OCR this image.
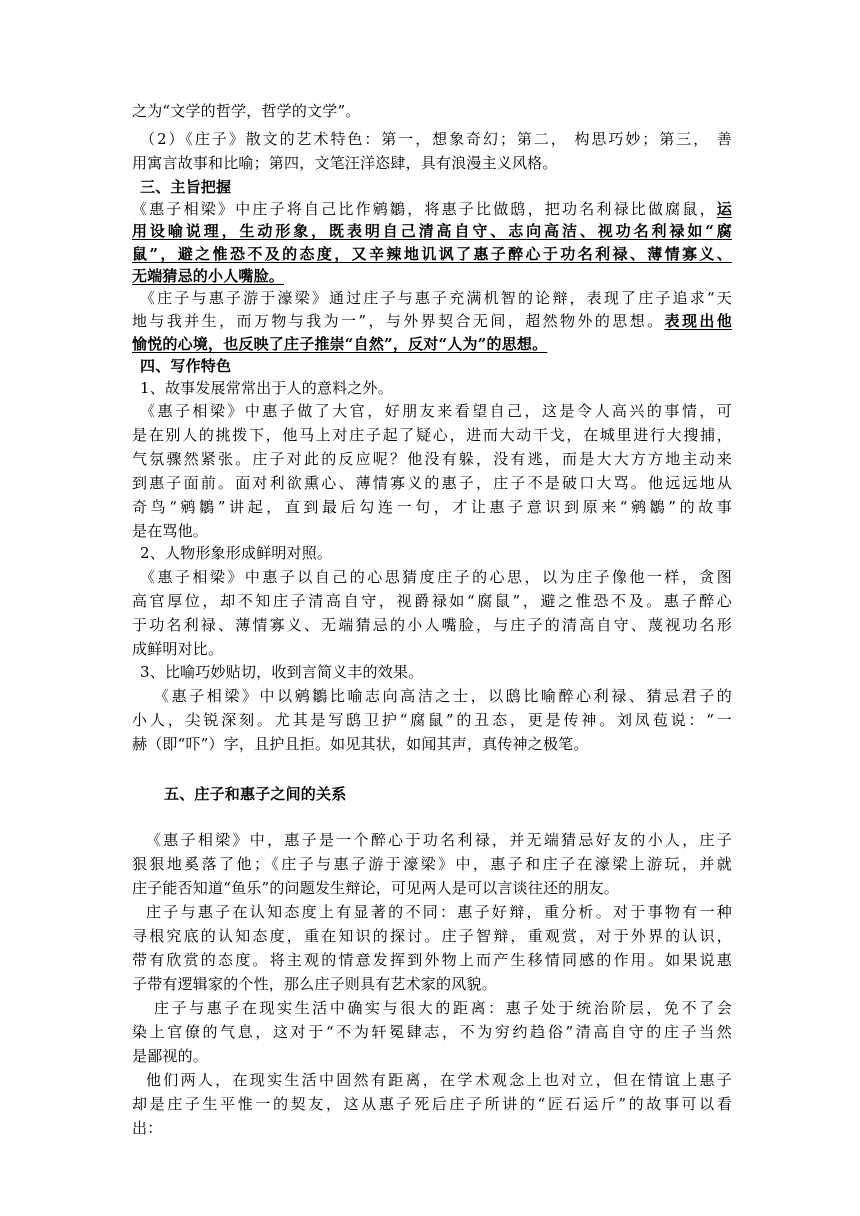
之为“文学的哲学，哲学的文学”。
（2）《庄子》散文的艺术特色：第一，想象奇幻；第二， 构思巧妙；第三， 善
用寓言故事和比喻；第四，文笔汪洋恣肆，具有浪漫主义风格。
三、主旨把握
《惠子相梁》中庄子将自己比作鹓鶵，将惠子比做鸱，把功名利禄比做腐鼠，运
用设喻说理，生动形象，既表明自己清高自守、志向高洁、视功名利禄如“腐
鼠”，避之惟恐不及的态度，又辛辣地讥讽了惠子醉心于功名利禄、薄情寡义、
无端猜忌的小人嘴脸。
《庄子与惠子游于濠梁》通过庄子与惠子充满机智的论辩，表现了庄子追求“天
地与我并生，而万物与我为一”，与外界契合无间，超然物外的思想。表现出他
愉悦的心境，也反映了庄子推崇“自然”，反对“人为”的思想。
四、写作特色
1、故事发展常常出于人的意料之外。
《惠子相梁》中惠子做了大官，好朋友来看望自己，这是令人高兴的事情，可
是在别人的挑拨下，他马上对庄子起了疑心，进而大动干戈，在城里进行大搜捕，
气氛骤然紧张。庄子对此的反应呢？他没有躲，没有逃，而是大大方方地主动来
到惠子面前。面对利欲熏心、薄情寡义的惠子，庄子不是破口大骂。他远远地从
奇鸟“鹓鶵”讲起，直到最后勾连一句，才让惠子意识到原来“鹓鶵”的故事
是在骂他。
2、人物形象形成鲜明对照。
《惠子相梁》中惠子以自己的心思猜度庄子的心思，以为庄子像他一样，贪图
高官厚位，却不知庄子清高自守，视爵禄如“腐鼠”，避之惟恐不及。惠子醉心
于功名利禄、薄情寡义、无端猜忌的小人嘴脸，与庄子的清高自守、蔑视功名形
成鲜明对比。
3、比喻巧妙贴切，收到言简义丰的效果。
《惠子相梁》中以鹓鶵比喻志向高洁之士，以鸱比喻醉心利禄、猜忌君子的
小人，尖锐深刻。尤其是写鸱卫护“腐鼠”的丑态，更是传神。刘凤苞说：“一
赫（即“吓”）字，且护且拒。如见其状，如闻其声，真传神之极笔。
五、庄子和惠子之间的关系
《惠子相梁》中，惠子是一个醉心于功名利禄，并无端猜忌好友的小人，庄子
狠狠地奚落了他；《庄子与惠子游于濠梁》中，惠子和庄子在濠梁上游玩，并就
庄子能否知道“鱼乐”的问题发生辩论，可见两人是可以言谈往还的朋友。
庄子与惠子在认知态度上有显著的不同：惠子好辩，重分析。对于事物有一种
寻根究底的认知态度，重在知识的探讨。庄子智辩，重观赏，对于外界的认识，
带有欣赏的态度。将主观的情意发挥到外物上而产生移情同感的作用。如果说惠
子带有逻辑家的个性，那么庄子则具有艺术家的风貌。
庄子与惠子在现实生活中确实与很大的距离：惠子处于统治阶层，免不了会
染上官僚的气息，这对于“不为轩冕肆志，不为穷约趋俗”清高自守的庄子当然
是鄙视的。
他们两人，在现实生活中固然有距离，在学术观念上也对立，但在情谊上惠子
却是庄子生平惟一的契友，这从惠子死后庄子所讲的“匠石运斤”的故事可以看
出：
